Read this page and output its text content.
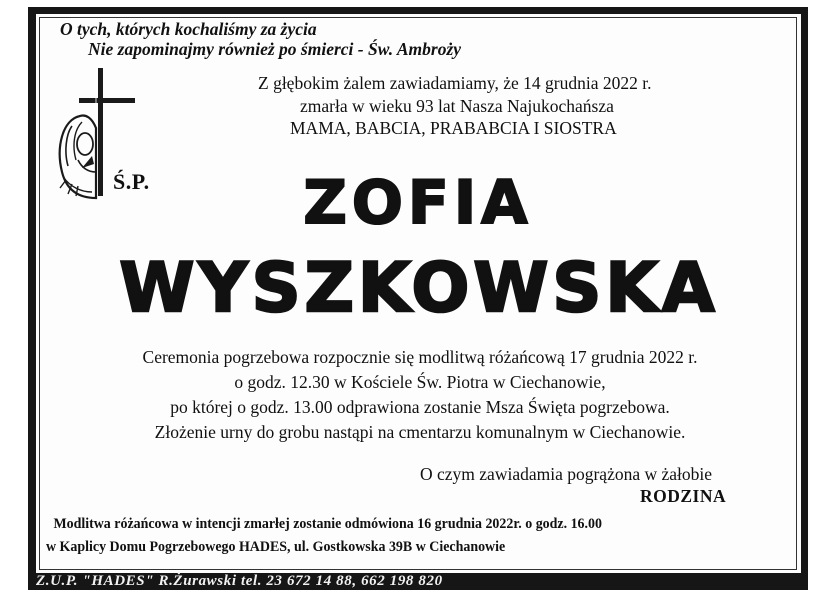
O tych, których kochaliśmy za życia
Nie zapominajmy również po śmierci - Św. Ambroży
Z głębokim żalem zawiadamiamy, że 14 grudnia 2022 r.
zmarła w wieku 93 lat Nasza Najukochańsza
MAMA, BABCIA, PRABABCIA I SIOSTRA
Ś.P.	ZOFIA
WYSZKOWSKA
Ceremonia pogrzebowa rozpocznie się modlitwą różańcową 17 grudnia 2022 r.
o godz. 12.30 w Kościele Św. Piotra w Ciechanowie,
po której o godz. 13.00 odprawiona zostanie Msza Święta pogrzebowa.
Złożenie urny do grobu nastąpi na cmentarzu komunalnym w Ciechanowie.
O czym zawiadamia pogrążona w żałobie
RODZINA
Modlitwa różańcowa w intencji zmarłej zostanie odmówiona 16 grudnia 2022r. o godz. 16.00
w Kaplicy Domu Pogrzebowego HADES, ul. Gostkowska 39B w Ciechanowie
Z.U.P. "HADES" R.Żurawski tel. 23 672 14 88, 662 198 820
